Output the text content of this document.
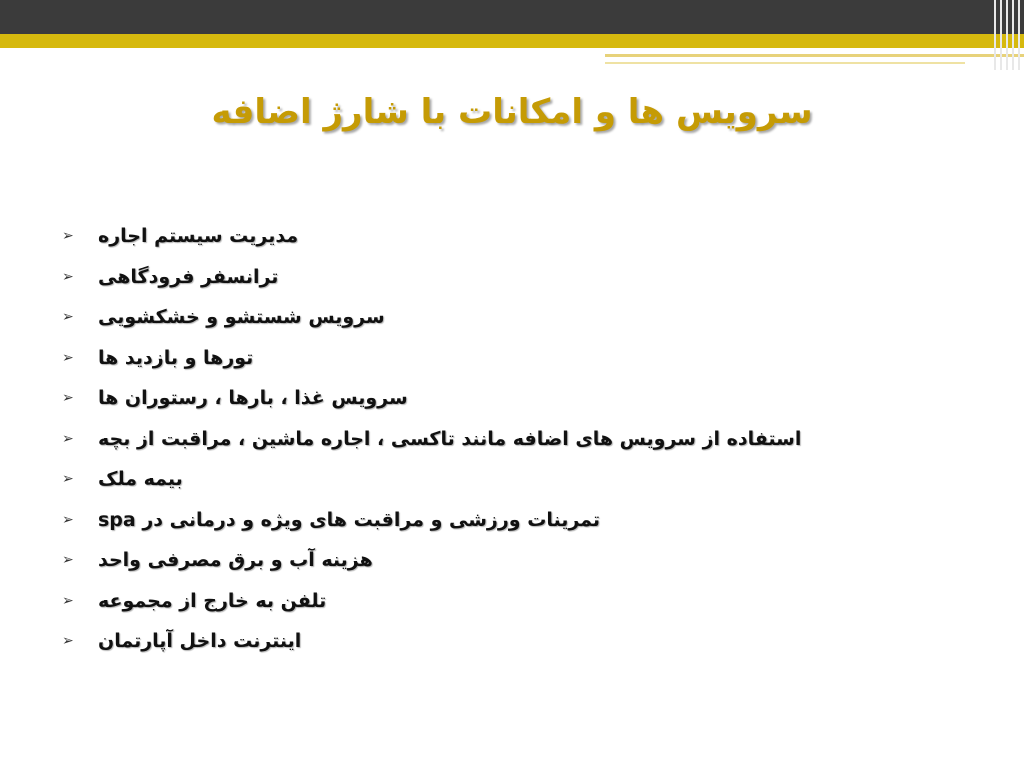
سرویس ها و امکانات با شارژ اضافه
➢	مدیریت سیستم اجاره
➢	ترانسفر فرودگاهی
➢	سرویس شستشو و خشکشویی
➢	تورها و بازدید ها
➢	سرویس غذا ، بارها ، رستوران ها
➢	استفاده از سرویس های اضافه مانند تاکسی ، اجاره ماشین ، مراقبت از بچه
➢	بیمه ملک
➢	تمرینات ورزشی و مراقبت های ویژه و درمانی در spa
➢	هزینه آب و برق مصرفی واحد
➢	تلفن به خارج از مجموعه
➢	اینترنت داخل آپارتمان
